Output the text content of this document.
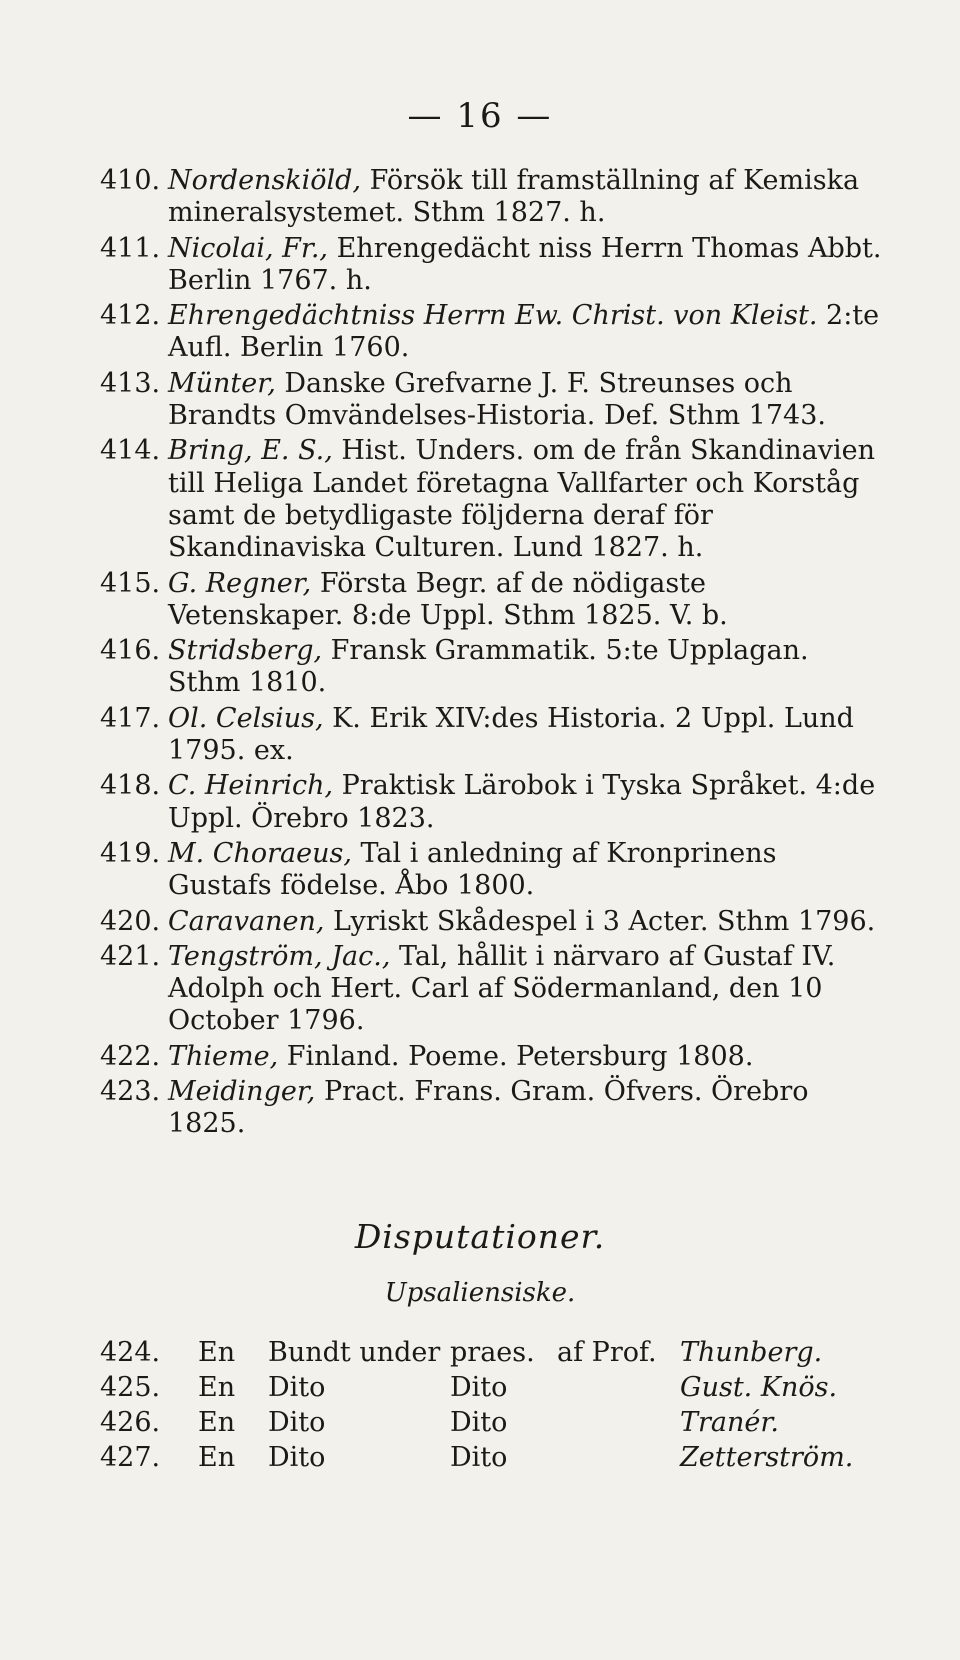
— 16 —
410. Nordenskiöld, Försök till framställning af Kemiska mineralsystemet. Sthm 1827. h.
411. Nicolai, Fr., Ehrengedächt niss Herrn Thomas Abbt. Berlin 1767. h.
412. Ehrengedächtniss Herrn Ew. Christ. von Kleist. 2:te Aufl. Berlin 1760.
413. Münter, Danske Grefvarne J. F. Streunses och Brandts Omvändelses-Historia. Def. Sthm 1743.
414. Bring, E. S., Hist. Unders. om de från Skandinavien till Heliga Landet företagna Vallfarter och Korståg samt de betydligaste följderna deraf för Skandinaviska Culturen. Lund 1827. h.
415. G. Regner, Första Begr. af de nödigaste Vetenskaper. 8:de Uppl. Sthm 1825. V. b.
416. Stridsberg, Fransk Grammatik. 5:te Upplagan. Sthm 1810.
417. Ol. Celsius, K. Erik XIV:des Historia. 2 Uppl. Lund 1795. ex.
418. C. Heinrich, Praktisk Lärobok i Tyska Språket. 4:de Uppl. Örebro 1823.
419. M. Choraeus, Tal i anledning af Kronprinens Gustafs födelse. Åbo 1800.
420. Caravanen, Lyriskt Skådespel i 3 Acter. Sthm 1796.
421. Tengström, Jac., Tal, hållit i närvaro af Gustaf IV. Adolph och Hert. Carl af Södermanland, den 10 October 1796.
422. Thieme, Finland. Poeme. Petersburg 1808.
423. Meidinger, Pract. Frans. Gram. Öfvers. Örebro 1825.
Disputationer.
Upsaliensiske.
424. En Bundt under praes. af Prof. Thunberg.
425. En Dito	Dito	Gust. Knös.
426. En Dito	Dito	Tranér.
427. En Dito	Dito	Zetterström.
